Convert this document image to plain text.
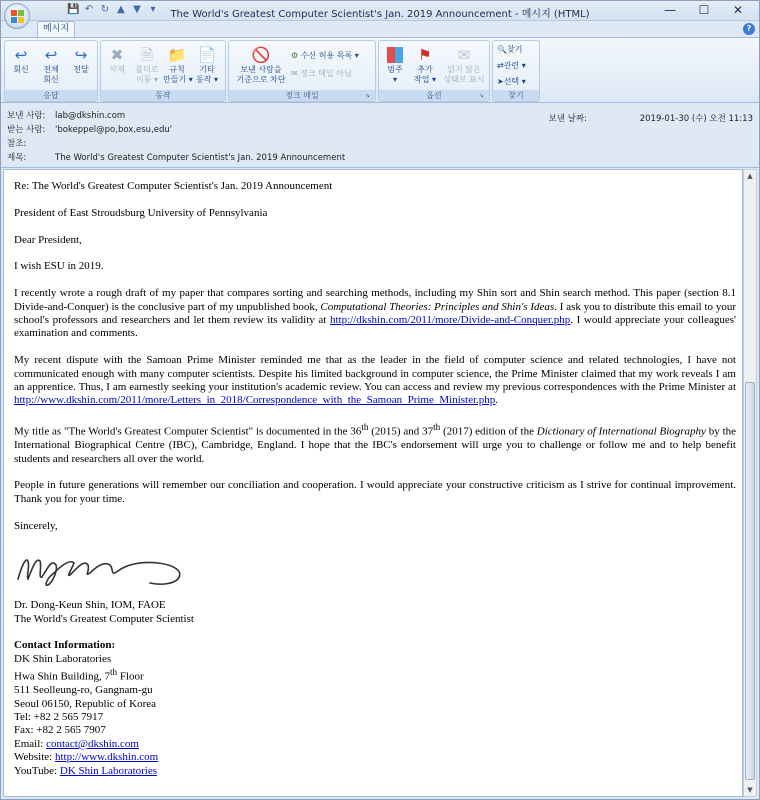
💾 ↶ ↻ ▲ ▼ ▾	The World's Greatest Computer Scientist's Jan. 2019 Announcement - 메시지 (HTML)	—	☐	✕
메시지	?
↩
회신
↩
전체
회신
↪
전달
응답
✖
삭제
🗎
폴더로
이동 ▾
📁
규칙
만들기 ▾
📄
기타
동작 ▾
동작
🚫
보낸 사람을
기준으로 차단
⚙ 수신 허용 목록 ▾
✉ 정크 메일 아님
정크 메일	↘
범주
▾
⚑
추가
작업 ▾
✉
읽지 않은
상태로 표시
옵션	↘
🔍찾기
⇄관련 ▾
➤선택 ▾
찾기
보낸 사람: lab@dkshin.com
받는 사람: 'bokeppel@po,box,esu,edu'
참조:
제목:	The World's Greatest Computer Scientist's Jan. 2019 Announcement
보낸 날짜:	2019-01-30 (수) 오전 11:13

Re: The World's Greatest Computer Scientist's Jan. 2019 Announcement

President of East Stroudsburg University of Pennsylvania

Dear President,

I wish ESU in 2019.

I recently wrote a rough draft of my paper that compares sorting and searching methods, including my Shin sort and Shin search method. This paper (section 8.1 Divide-and-Conquer) is the conclusive part of my unpublished book, Computational Theories: Principles and Shin's Ideas. I ask you to distribute this email to your school's professors and researchers and let them review its validity at http://dkshin.com/2011/more/Divide-and-Conquer.php. I would appreciate your colleagues' examination and comments.

My recent dispute with the Samoan Prime Minister reminded me that as the leader in the field of computer science and related technologies, I have not communicated enough with many computer scientists. Despite his limited background in computer science, the Prime Minister claimed that my work reveals I am an apprentice. Thus, I am earnestly seeking your institution's academic review. You can access and review my previous correspondences with the Prime Minister at http://www.dkshin.com/2011/more/Letters_in_2018/Correspondence_with_the_Samoan_Prime_Minister.php.

My title as "The World's Greatest Computer Scientist" is documented in the 36th (2015) and 37th (2017) edition of the Dictionary of International Biography by the International Biographical Centre (IBC), Cambridge, England. I hope that the IBC's endorsement will urge you to challenge or follow me and to help benefit students and researchers all over the world.

People in future generations will remember our conciliation and cooperation. I would appreciate your constructive criticism as I strive for continual improvement. Thank you for your time.

Sincerely,
Dr. Dong-Keun Shin, IOM, FAOE
The World's Greatest Computer Scientist
Contact Information:
DK Shin Laboratories
Hwa Shin Building, 7th Floor
511 Seolleung-ro, Gangnam-gu
Seoul 06150, Republic of Korea
Tel: +82 2 565 7917
Fax: +82 2 565 7907
Email: contact@dkshin.com
Website: http://www.dkshin.com
YouTube: DK Shin Laboratories
▲
▼
